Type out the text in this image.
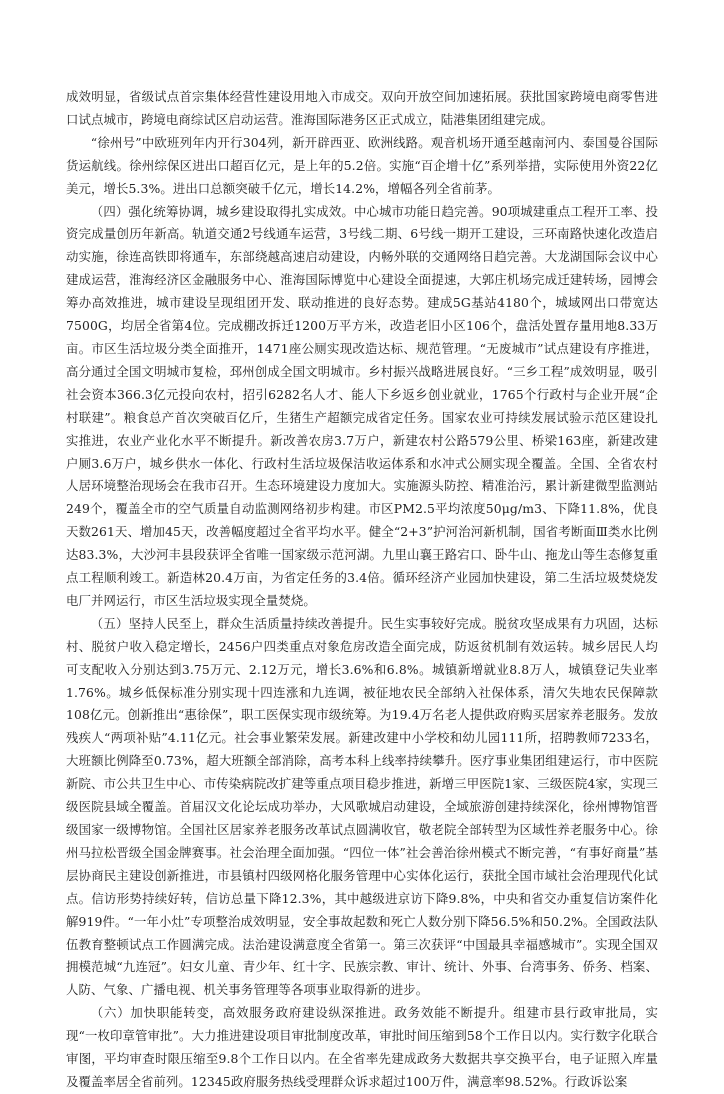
成效明显，省级试点首宗集体经营性建设用地入市成交。双向开放空间加速拓展。获批国家跨境电商零售进口试点城市，跨境电商综试区启动运营。淮海国际港务区正式成立，陆港集团组建完成。

“徐州号”中欧班列年内开行304列，新开辟西亚、欧洲线路。观音机场开通至越南河内、泰国曼谷国际货运航线。徐州综保区进出口超百亿元，是上年的5.2倍。实施“百企增十亿”系列举措，实际使用外资22亿美元，增长5.3%。进出口总额突破千亿元，增长14.2%，增幅各列全省前茅。

（四）强化统筹协调，城乡建设取得扎实成效。中心城市功能日趋完善。90项城建重点工程开工率、投资完成量创历年新高。轨道交通2号线通车运营，3号线二期、6号线一期开工建设，三环南路快速化改造启动实施，徐连高铁即将通车，东部绕越高速启动建设，内畅外联的交通网络日趋完善。大龙湖国际会议中心建成运营，淮海经济区金融服务中心、淮海国际博览中心建设全面提速，大郭庄机场完成迁建转场，园博会筹办高效推进，城市建设呈现组团开发、联动推进的良好态势。建成5G基站4180个，城域网出口带宽达7500G，均居全省第4位。完成棚改拆迁1200万平方米，改造老旧小区106个，盘活处置存量用地8.33万亩。市区生活垃圾分类全面推开，1471座公厕实现改造达标、规范管理。“无废城市”试点建设有序推进，高分通过全国文明城市复检，邳州创成全国文明城市。乡村振兴战略进展良好。“三乡工程”成效明显，吸引社会资本366.3亿元投向农村，招引6282名人才、能人下乡返乡创业就业，1765个行政村与企业开展“企村联建”。粮食总产首次突破百亿斤，生猪生产超额完成省定任务。国家农业可持续发展试验示范区建设扎实推进，农业产业化水平不断提升。新改善农房3.7万户，新建农村公路579公里、桥梁163座，新建改建户厕3.6万户，城乡供水一体化、行政村生活垃圾保洁收运体系和水冲式公厕实现全覆盖。全国、全省农村人居环境整治现场会在我市召开。生态环境建设力度加大。实施源头防控、精准治污，累计新建微型监测站249个，覆盖全市的空气质量自动监测网络初步构建。市区PM2.5平均浓度50μg/m3、下降11.8%，优良天数261天、增加45天，改善幅度超过全省平均水平。健全“2+3”护河治河新机制，国省考断面Ⅲ类水比例达83.3%，大沙河丰县段获评全省唯一国家级示范河湖。九里山襄王路宕口、卧牛山、拖龙山等生态修复重点工程顺利竣工。新造林20.4万亩，为省定任务的3.4倍。循环经济产业园加快建设，第二生活垃圾焚烧发电厂并网运行，市区生活垃圾实现全量焚烧。

（五）坚持人民至上，群众生活质量持续改善提升。民生实事较好完成。脱贫攻坚成果有力巩固，达标村、脱贫户收入稳定增长，2456户四类重点对象危房改造全面完成，防返贫机制有效运转。城乡居民人均可支配收入分别达到3.75万元、2.12万元，增长3.6%和6.8%。城镇新增就业8.8万人，城镇登记失业率1.76%。城乡低保标准分别实现十四连涨和九连调，被征地农民全部纳入社保体系，清欠失地农民保障款108亿元。创新推出“惠徐保”，职工医保实现市级统筹。为19.4万名老人提供政府购买居家养老服务。发放残疾人“两项补贴”4.11亿元。社会事业繁荣发展。新建改建中小学校和幼儿园111所，招聘教师7233名，大班额比例降至0.73%，超大班额全部消除，高考本科上线率持续攀升。医疗事业集团组建运行，市中医院新院、市公共卫生中心、市传染病院改扩建等重点项目稳步推进，新增三甲医院1家、三级医院4家，实现三级医院县域全覆盖。首届汉文化论坛成功举办，大风歌城启动建设，全域旅游创建持续深化，徐州博物馆晋级国家一级博物馆。全国社区居家养老服务改革试点圆满收官，敬老院全部转型为区域性养老服务中心。徐州马拉松晋级全国金牌赛事。社会治理全面加强。“四位一体”社会善治徐州模式不断完善，“有事好商量”基层协商民主建设创新推进，市县镇村四级网格化服务管理中心实体化运行，获批全国市域社会治理现代化试点。信访形势持续好转，信访总量下降12.3%，其中越级进京访下降9.8%，中央和省交办重复信访案件化解919件。“一年小灶”专项整治成效明显，安全事故起数和死亡人数分别下降56.5%和50.2%。全国政法队伍教育整顿试点工作圆满完成。法治建设满意度全省第一。第三次获评“中国最具幸福感城市”。实现全国双拥模范城“九连冠”。妇女儿童、青少年、红十字、民族宗教、审计、统计、外事、台湾事务、侨务、档案、人防、气象、广播电视、机关事务管理等各项事业取得新的进步。

（六）加快职能转变，高效服务政府建设纵深推进。政务效能不断提升。组建市县行政审批局，实现“一枚印章管审批”。大力推进建设项目审批制度改革，审批时间压缩到58个工作日以内。实行数字化联合审图，平均审查时限压缩至9.8个工作日以内。在全省率先建成政务大数据共享交换平台，电子证照入库量及覆盖率居全省前列。12345政府服务热线受理群众诉求超过100万件，满意率98.52%。行政诉讼案
